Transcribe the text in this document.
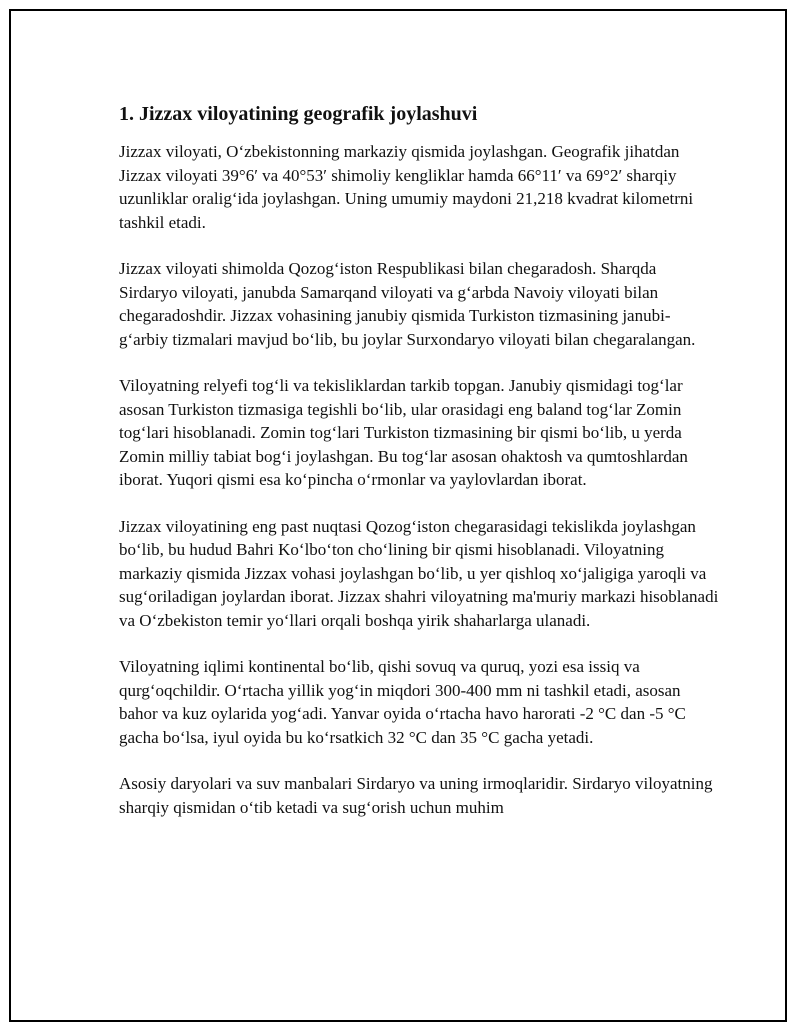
1. Jizzax viloyatining geografik joylashuvi

Jizzax viloyati, O‘zbekistonning markaziy qismida joylashgan. Geografik jihatdan Jizzax viloyati 39°6′ va 40°53′ shimoliy kengliklar hamda 66°11′ va 69°2′ sharqiy uzunliklar oralig‘ida joylashgan. Uning umumiy maydoni 21,218 kvadrat kilometrni tashkil etadi.

Jizzax viloyati shimolda Qozog‘iston Respublikasi bilan chegaradosh. Sharqda Sirdaryo viloyati, janubda Samarqand viloyati va g‘arbda Navoiy viloyati bilan chegaradoshdir. Jizzax vohasining janubiy qismida Turkiston tizmasining janubi-g‘arbiy tizmalari mavjud bo‘lib, bu joylar Surxondaryo viloyati bilan chegaralangan.

Viloyatning relyefi tog‘li va tekisliklardan tarkib topgan. Janubiy qismidagi tog‘lar asosan Turkiston tizmasiga tegishli bo‘lib, ular orasidagi eng baland tog‘lar Zomin tog‘lari hisoblanadi. Zomin tog‘lari Turkiston tizmasining bir qismi bo‘lib, u yerda Zomin milliy tabiat bog‘i joylashgan. Bu tog‘lar asosan ohaktosh va qumtoshlardan iborat. Yuqori qismi esa ko‘pincha o‘rmonlar va yaylovlardan iborat.

Jizzax viloyatining eng past nuqtasi Qozog‘iston chegarasidagi tekislikda joylashgan bo‘lib, bu hudud Bahri Ko‘lbo‘ton cho‘lining bir qismi hisoblanadi. Viloyatning markaziy qismida Jizzax vohasi joylashgan bo‘lib, u yer qishloq xo‘jaligiga yaroqli va sug‘oriladigan joylardan iborat. Jizzax shahri viloyatning ma'muriy markazi hisoblanadi va O‘zbekiston temir yo‘llari orqali boshqa yirik shaharlarga ulanadi.

Viloyatning iqlimi kontinental bo‘lib, qishi sovuq va quruq, yozi esa issiq va qurg‘oqchildir. O‘rtacha yillik yog‘in miqdori 300-400 mm ni tashkil etadi, asosan bahor va kuz oylarida yog‘adi. Yanvar oyida o‘rtacha havo harorati -2 °C dan -5 °C gacha bo‘lsa, iyul oyida bu ko‘rsatkich 32 °C dan 35 °C gacha yetadi.

Asosiy daryolari va suv manbalari Sirdaryo va uning irmoqlaridir. Sirdaryo viloyatning sharqiy qismidan o‘tib ketadi va sug‘orish uchun muhim
